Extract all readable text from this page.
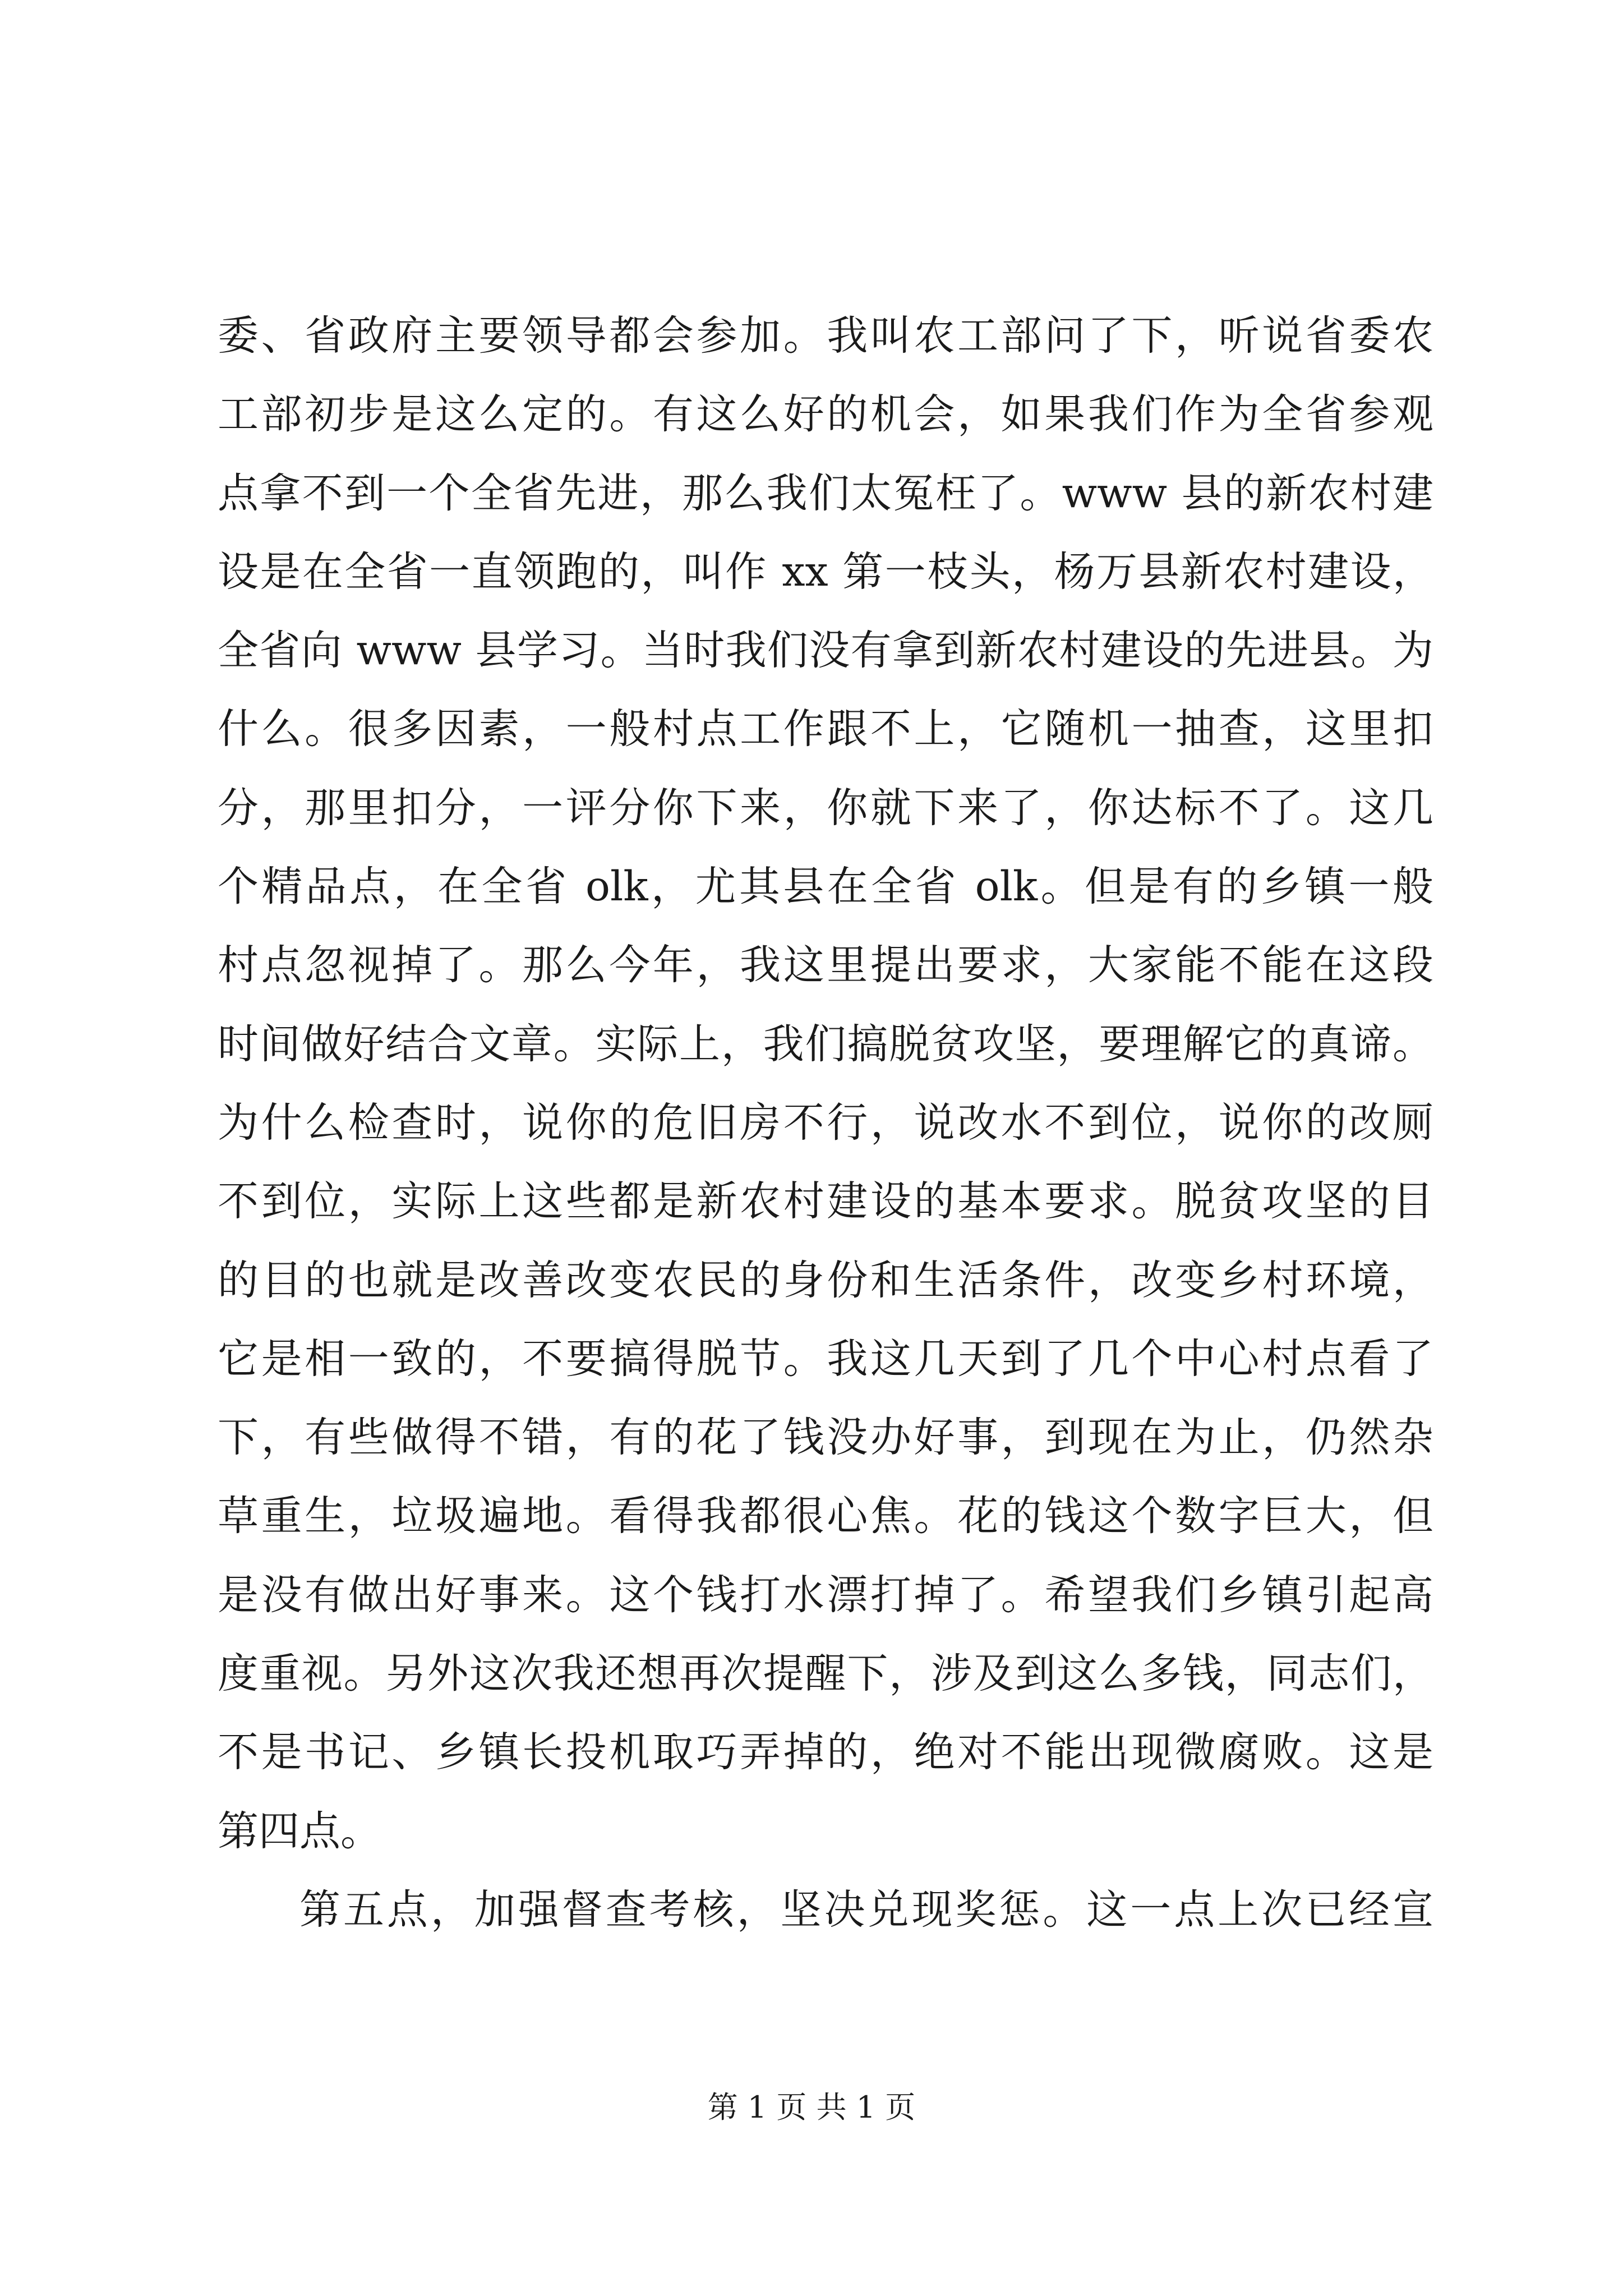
委、省政府主要领导都会参加。我叫农工部问了下，听说省委农
工部初步是这么定的。有这么好的机会，如果我们作为全省参观
点拿不到一个全省先进，那么我们太冤枉了。www 县的新农村建
设是在全省一直领跑的，叫作 xx 第一枝头，杨万县新农村建设，
全省向 www 县学习。当时我们没有拿到新农村建设的先进县。为
什么。很多因素，一般村点工作跟不上，它随机一抽查，这里扣
分，那里扣分，一评分你下来，你就下来了，你达标不了。这几
个精品点，在全省 olk，尤其县在全省 olk。但是有的乡镇一般
村点忽视掉了。那么今年，我这里提出要求，大家能不能在这段
时间做好结合文章。实际上，我们搞脱贫攻坚，要理解它的真谛。
为什么检查时，说你的危旧房不行，说改水不到位，说你的改厕
不到位，实际上这些都是新农村建设的基本要求。脱贫攻坚的目
的目的也就是改善改变农民的身份和生活条件，改变乡村环境，
它是相一致的，不要搞得脱节。我这几天到了几个中心村点看了
下，有些做得不错，有的花了钱没办好事，到现在为止，仍然杂
草重生，垃圾遍地。看得我都很心焦。花的钱这个数字巨大，但
是没有做出好事来。这个钱打水漂打掉了。希望我们乡镇引起高
度重视。另外这次我还想再次提醒下，涉及到这么多钱，同志们，
不是书记、乡镇长投机取巧弄掉的，绝对不能出现微腐败。这是
第四点。
第五点，加强督查考核，坚决兑现奖惩。这一点上次已经宣
第 1 页 共 1 页
